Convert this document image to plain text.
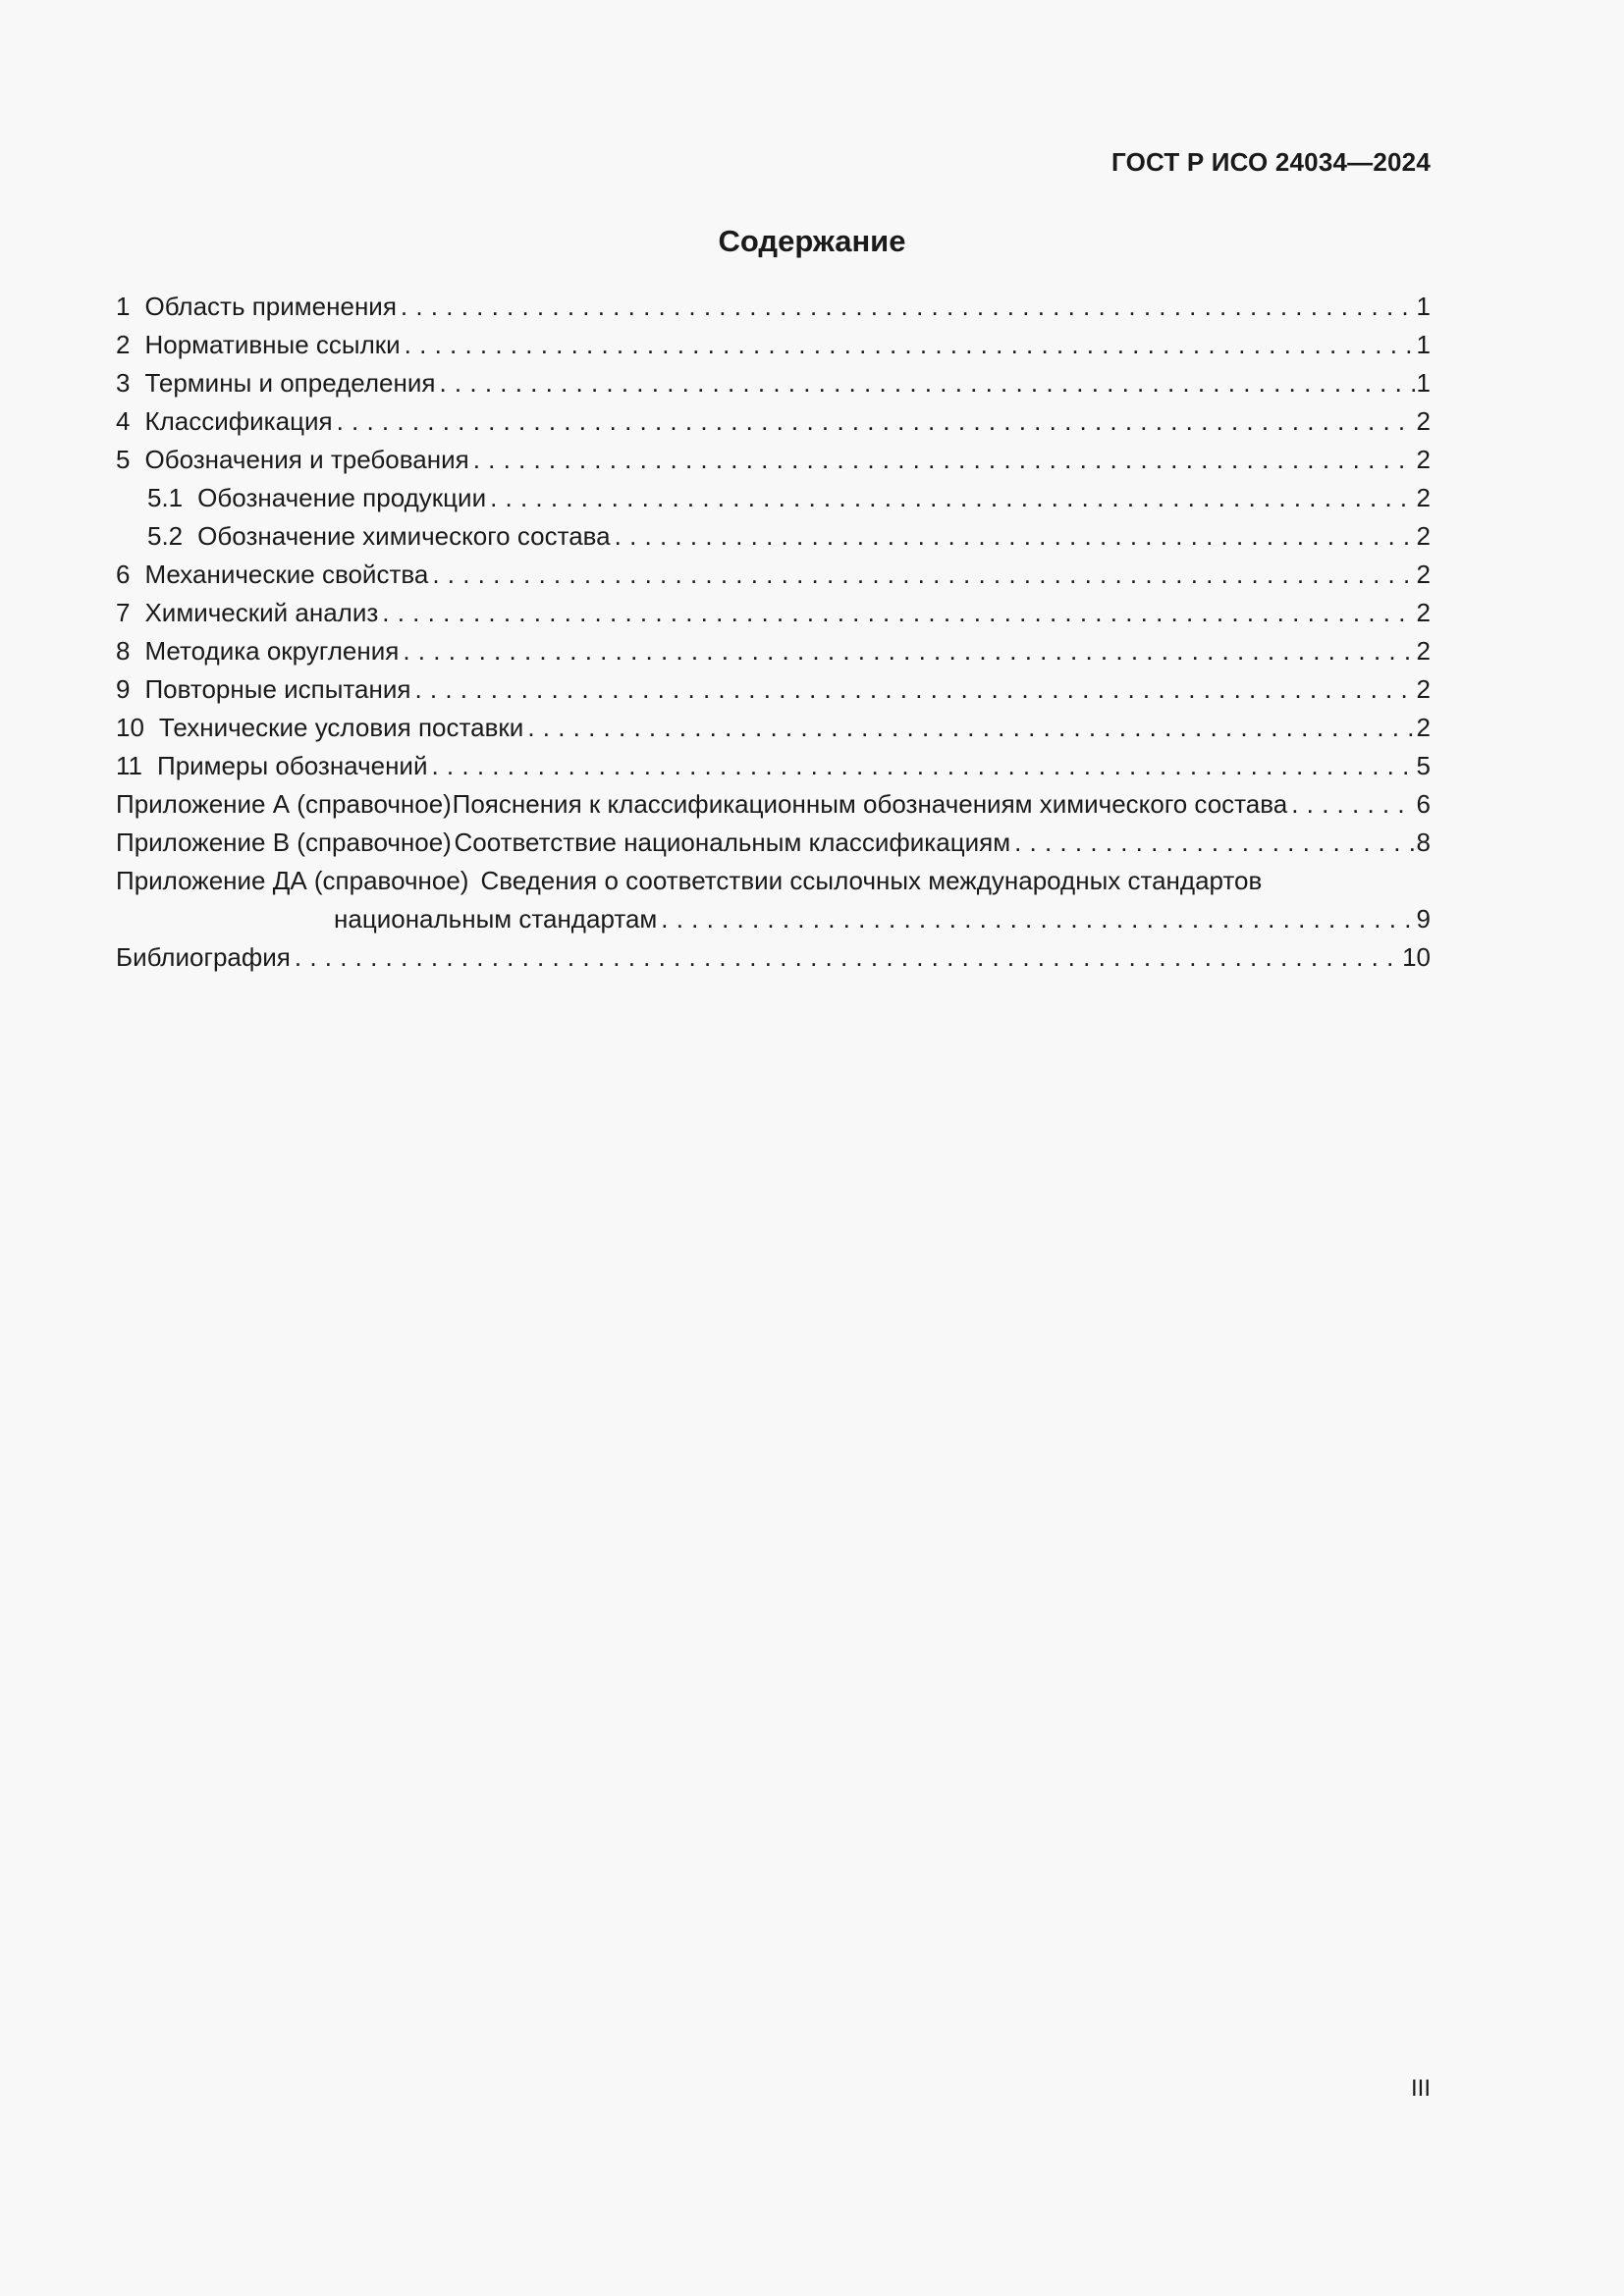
ГОСТ Р ИСО 24034—2024
Содержание
1 Область применения . . .	1
2 Нормативные ссылки . . .	1
3 Термины и определения . . .	1
4 Классификация . . .	2
5 Обозначения и требования . . .	2
5.1 Обозначение продукции . . .	2
5.2 Обозначение химического состава . . .	2
6 Механические свойства . . .	2
7 Химический анализ . . .	2
8 Методика округления . . .	2
9 Повторные испытания . . .	2
10 Технические условия поставки . . .	2
11 Примеры обозначений . . .	5
Приложение А (справочное) Пояснения к классификационным обозначениям химического состава . . .	6
Приложение В (справочное) Соответствие национальным классификациям . . .	8
Приложение ДА (справочное) Сведения о соответствии ссылочных международных стандартов
национальным стандартам . . .	9
Библиография . . .	10
III
